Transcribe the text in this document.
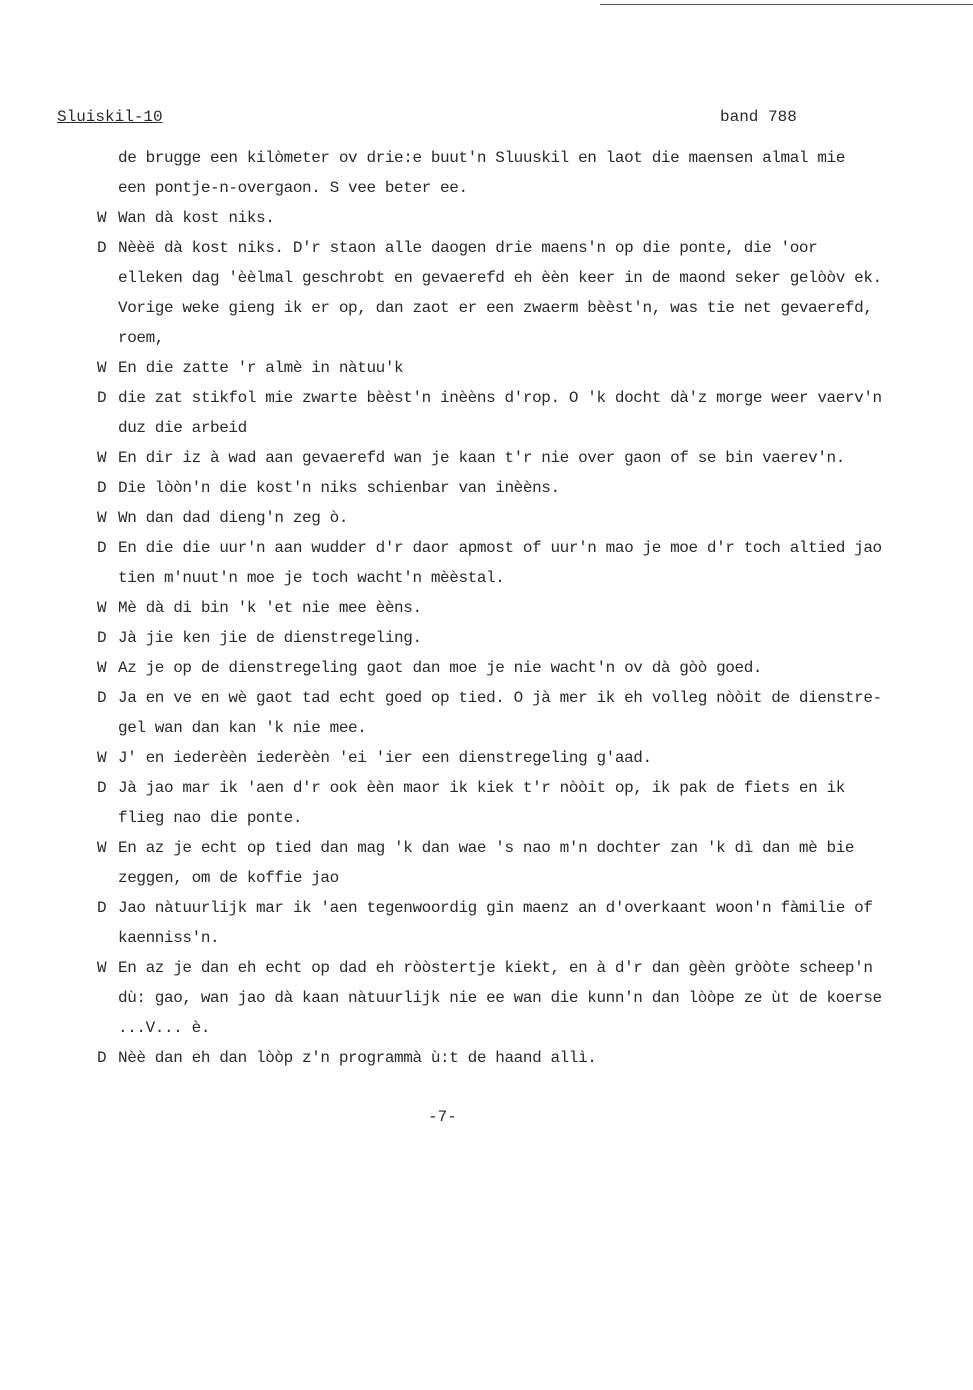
Sluiskil-10	band 788
de brugge een kilòmeter ov drie:e buut'n Sluuskil en laot die maensen almal mie
een pontje-n-overgaon. S vee beter ee.
W Wan dà kost niks.
D Nèèë dà kost niks. D'r staon alle daogen drie maens'n op die ponte, die 'oor
elleken dag 'èèlmal geschrobt en gevaerefd eh èèn keer in de maond seker gelòòv ek.
Vorige weke gieng ik er op, dan zaot er een zwaerm bèèst'n, was tie net gevaerefd,
roem,
W En die zatte 'r almè in nàtuu'k
D die zat stikfol mie zwarte bèèst'n inèèns d'rop. O 'k docht dà'z morge weer vaerv'n
duz die arbeid
W En dir iz à wad aan gevaerefd wan je kaan t'r nie over gaon of se bin vaerev'n.
D Die lòòn'n die kost'n niks schienbar van inèèns.
W Wn dan dad dieng'n zeg ò.
D En die die uur'n aan wudder d'r daor apmost of uur'n mao je moe d'r toch altied jao
tien m'nuut'n moe je toch wacht'n mèèstal.
W Mè dà di bin 'k 'et nie mee èèns.
D Jà jie ken jie de dienstregeling.
W Az je op de dienstregeling gaot dan moe je nie wacht'n ov dà gòò goed.
D Ja en ve en wè gaot tad echt goed op tied. O jà mer ik eh volleg nòòit de dienstre-
gel wan dan kan 'k nie mee.
W J' en iederèèn iederèèn 'ei 'ier een dienstregeling g'aad.
D Jà jao mar ik 'aen d'r ook èèn maor ik kiek t'r nòòit op, ik pak de fiets en ik
flieg nao die ponte.
W En az je echt op tied dan mag 'k dan wae 's nao m'n dochter zan 'k dì dan mè bie
zeggen, om de koffie jao
D Jao nàtuurlijk mar ik 'aen tegenwoordig gin maenz an d'overkaant woon'n fàmilie of
kaenniss'n.
W En az je dan eh echt op dad eh ròòstertje kiekt, en à d'r dan gèèn gròòte scheep'n
dù: gao, wan jao dà kaan nàtuurlijk nie ee wan die kunn'n dan lòòpe ze ùt de koerse
...V... è.
D Nèè dan eh dan lòòp z'n programmà ù:t de haand allì.
-7-
